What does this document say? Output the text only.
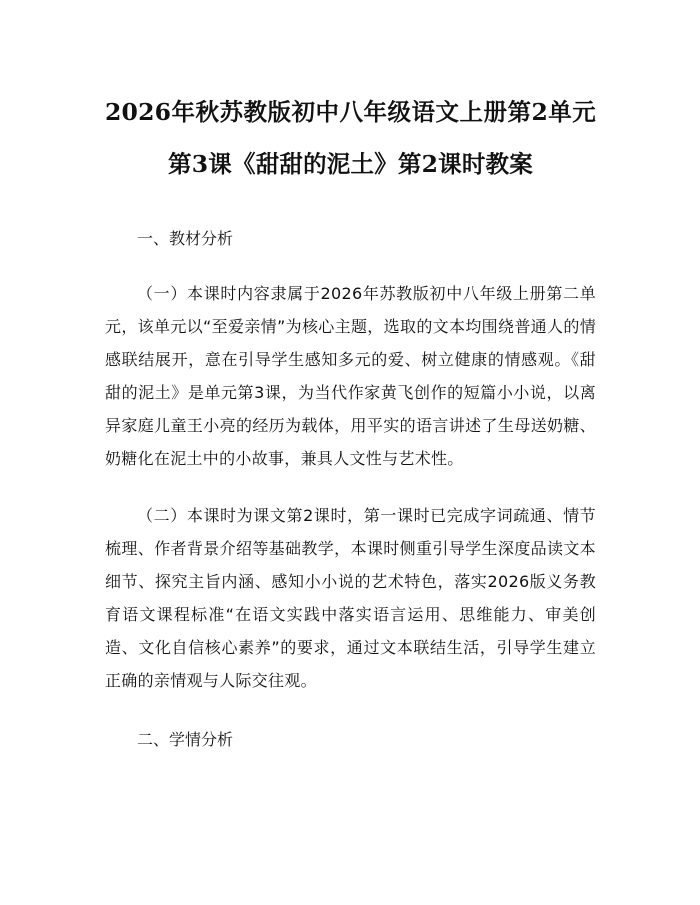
2026年秋苏教版初中八年级语文上册第2单元第3课《甜甜的泥土》第2课时教案
一、教材分析

（一）本课时内容隶属于2026年苏教版初中八年级上册第二单元，该单元以“至爱亲情”为核心主题，选取的文本均围绕普通人的情感联结展开，意在引导学生感知多元的爱、树立健康的情感观。《甜甜的泥土》是单元第3课，为当代作家黄飞创作的短篇小小说，以离异家庭儿童王小亮的经历为载体，用平实的语言讲述了生母送奶糖、奶糖化在泥土中的小故事，兼具人文性与艺术性。

（二）本课时为课文第2课时，第一课时已完成字词疏通、情节梳理、作者背景介绍等基础教学，本课时侧重引导学生深度品读文本细节、探究主旨内涵、感知小小说的艺术特色，落实2026版义务教育语文课程标准“在语文实践中落实语言运用、思维能力、审美创造、文化自信核心素养”的要求，通过文本联结生活，引导学生建立正确的亲情观与人际交往观。

二、学情分析
